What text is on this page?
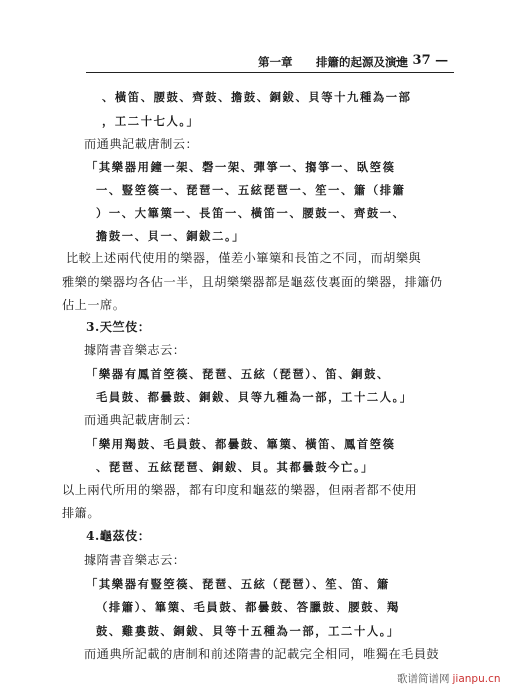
第一章 排簫的起源及演進
— 37 —
、橫笛、腰鼓、齊鼓、擔鼓、銅鈸、貝等十九種為一部
，工二十七人。」
而通典記載唐制云：
「其樂器用鐘一架、磬一架、彈箏一、搊箏一、臥箜篌
一、豎箜篌一、琵琶一、五絃琵琶一、笙一、簫（排簫
）一、大篳篥一、長笛一、橫笛一、腰鼓一、齊鼓一、
擔鼓一、貝一、銅鈸二。」
比較上述兩代使用的樂器，僅差小篳篥和長笛之不同，而胡樂與
雅樂的樂器均各佔一半，且胡樂樂器都是龜茲伎裏面的樂器，排簫仍
佔上一席。
3.天竺伎：
據隋書音樂志云：
「樂器有鳳首箜篌、琵琶、五絃（琵琶）、笛、銅鼓、
毛員鼓、都曇鼓、銅鈸、貝等九種為一部，工十二人。」
而通典記載唐制云：
「樂用羯鼓、毛員鼓、都曇鼓、篳篥、橫笛、鳳首箜篌
、琵琶、五絃琵琶、銅鈸、貝。其都曇鼓今亡。」
以上兩代所用的樂器，都有印度和龜茲的樂器，但兩者都不使用
排簫。
4.龜茲伎：
據隋書音樂志云：
「其樂器有豎箜篌、琵琶、五絃（琵琶）、笙、笛、簫
（排簫）、篳篥、毛員鼓、都曇鼓、答臘鼓、腰鼓、羯
鼓、雞婁鼓、銅鈸、貝等十五種為一部，工二十人。」
而通典所記載的唐制和前述隋書的記載完全相同，唯獨在毛員鼓
歌谱简谱网 jianpu.cn
